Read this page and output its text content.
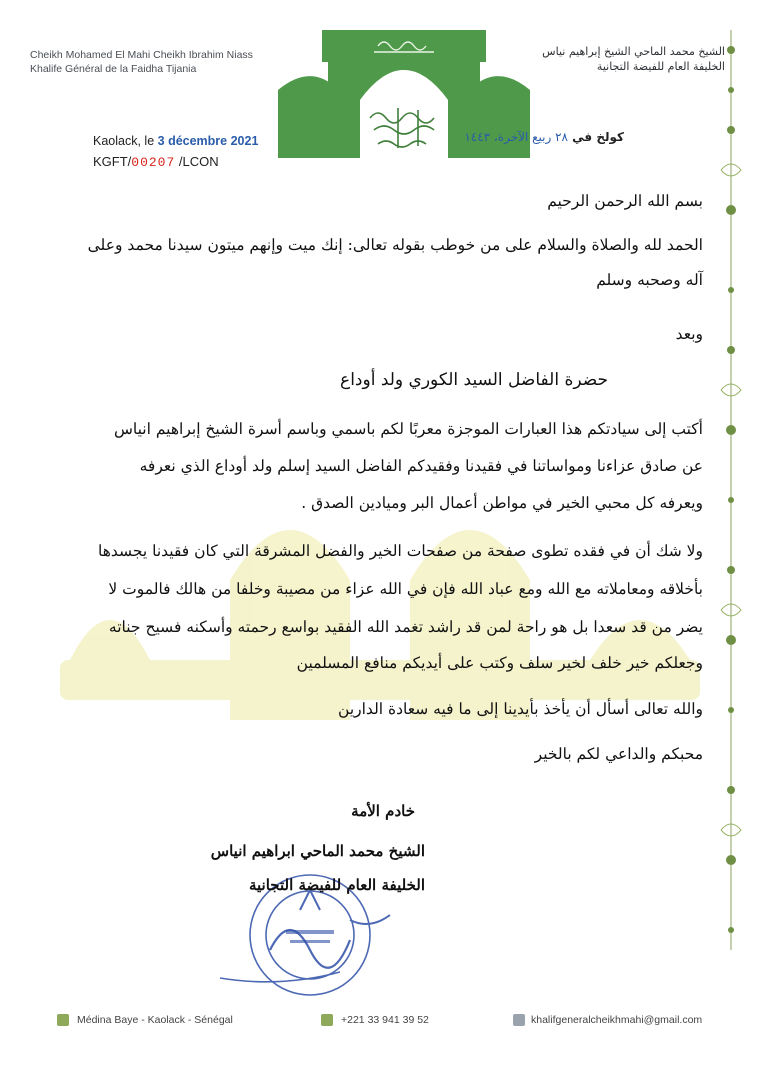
Cheikh Mohamed El Mahi Cheikh Ibrahim Niass
Khalife Général de la Faidha Tijania
الشيخ محمد الماحي الشيخ إبراهيم نياس
الخليفة العام للفيضة التجانية
Kaolack, le 3 décembre 2021	كولخ في ٢٨ ربيع الآخرة، ١٤٤٣
KGFT/00207 /LCON
بسم الله الرحمن الرحيم
الحمد لله والصلاة والسلام على من خوطب بقوله تعالى: إنك ميت وإنهم ميتون سيدنا محمد وعلى
آله وصحبه وسلم
وبعد
حضرة الفاضل السيد الكوري ولد أوداع
أكتب إلى سيادتكم هذا العبارات الموجزة معربًا لكم باسمي وباسم أسرة الشيخ إبراهيم انياس
عن صادق عزاءنا ومواساتنا في فقيدنا وفقيدكم الفاضل السيد إسلم ولد أوداع الذي نعرفه
ويعرفه كل محبي الخير في مواطن أعمال البر وميادين الصدق .
ولا شك أن في فقده تطوى صفحة من صفحات الخير والفضل المشرقة التي كان فقيدنا يجسدها
بأخلاقه ومعاملاته مع الله ومع عباد الله فإن في الله عزاء من مصيبة وخلفا من هالك فالموت لا
يضر من قد سعدا بل هو راحة لمن قد راشد تغمد الله الفقيد بواسع رحمته وأسكنه فسيح جناته
وجعلكم خير خلف لخير سلف وكتب على أيديكم منافع المسلمين
والله تعالى أسأل أن يأخذ بأيدينا إلى ما فيه سعادة الدارين
محبكم والداعي لكم بالخير
خادم الأمة
الشيخ محمد الماحي ابراهيم انياس
الخليفة العام للفيضة التجانية
Médina Baye - Kaolack - Sénégal	+221 33 941 39 52	khalifgeneralcheikhmahi@gmail.com
